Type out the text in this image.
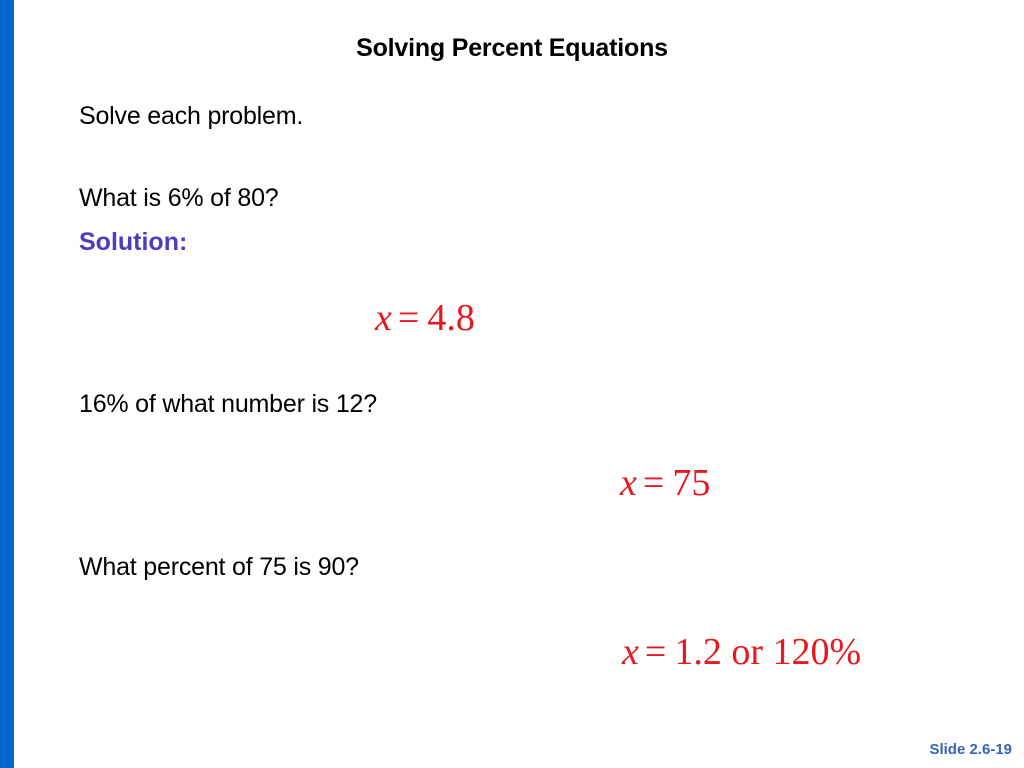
Solving Percent Equations
Solve each problem.
What is 6% of 80?
Solution:
x = 4.8
16% of what number is 12?
x = 75
What percent of 75 is 90?
x = 1.2 or 120%
Slide 2.6-19
